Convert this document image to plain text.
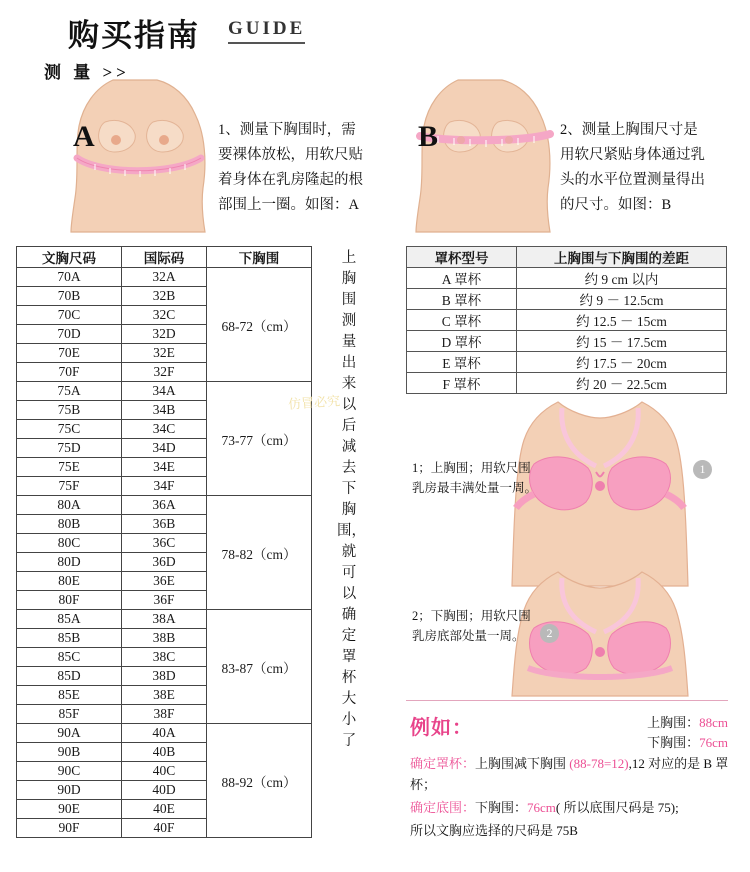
购买指南 GUIDE
测 量 >>
A	1、测量下胸围时，需要裸体放松，用软尺贴着身体在乳房隆起的根部围上一圈。如图：A
B	2、测量上胸围尺寸是用软尺紧贴身体通过乳头的水平位置测量得出的尺寸。如图：B
文胸尺码	国际码	下胸围
70A	32A	68-72（cm）
70B	32B	
70C	32C	
70D	32D	
70E	32E	
70F	32F	
75A	34A	73-77（cm）
75B	34B	
75C	34C	
75D	34D	
75E	34E	
75F	34F	
80A	36A	78-82（cm）
80B	36B	
80C	36C	
80D	36D	
80E	36E	
80F	36F	
85A	38A	83-87（cm）
85B	38B	
85C	38C	
85D	38D	
85E	38E	
85F	38F	
90A	40A	88-92（cm）
90B	40B	
90C	40C	
90D	40D	
90E	40E	
90F	40F	
上胸围测量出来以后减去下胸围，就可以确定罩杯大小了
仿冒必究
罩杯型号	上胸围与下胸围的差距
A 罩杯	约 9 cm 以内
B 罩杯	约 9 － 12.5cm
C 罩杯	约 12.5 － 15cm
D 罩杯	约 15 － 17.5cm
E 罩杯	约 17.5 － 20cm
F 罩杯	约 20 － 22.5cm
1
1；上胸围；用软尺围乳房最丰满处量一周。
2
2；下胸围；用软尺围乳房底部处量一周。
例如：	上胸围：88cm
下胸围：76cm
确定罩杯：上胸围减下胸围 (88-78=12),12 对应的是 B 罩杯；
确定底围：下胸围：76cm( 所以底围尺码是 75);
所以文胸应选择的尺码是 75B
